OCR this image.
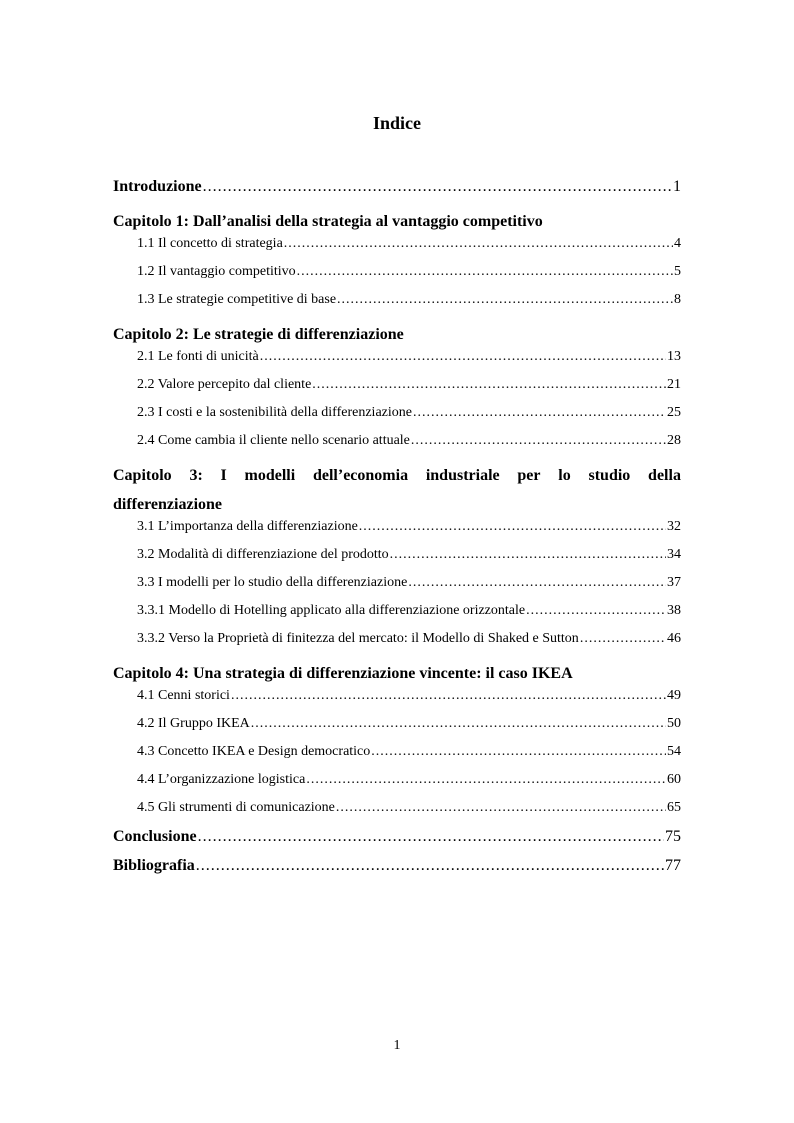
Indice
Introduzione .....	1
Capitolo 1: Dall’analisi della strategia al vantaggio competitivo
1.1 Il concetto di strategia .....	4
1.2 Il vantaggio competitivo .....	5
1.3 Le strategie competitive di base .....	8
Capitolo 2: Le strategie di differenziazione
2.1 Le fonti di unicità .....	13
2.2 Valore percepito dal cliente .....	21
2.3 I costi e la sostenibilità della differenziazione .....	25
2.4 Come cambia il cliente nello scenario attuale .....	28
Capitolo 3: I modelli dell’economia industriale per lo studio della
differenziazione
3.1 L’importanza della differenziazione .....	32
3.2 Modalità di differenziazione del prodotto .....	34
3.3 I modelli per lo studio della differenziazione .....	37
3.3.1 Modello di Hotelling applicato alla differenziazione orizzontale .....	38
3.3.2 Verso la Proprietà di finitezza del mercato: il Modello di Shaked e Sutton .....	46
Capitolo 4: Una strategia di differenziazione vincente: il caso IKEA
4.1 Cenni storici .....	49
4.2 Il Gruppo IKEA .....	50
4.3 Concetto IKEA e Design democratico .....	54
4.4 L’organizzazione logistica .....	60
4.5 Gli strumenti di comunicazione .....	65
Conclusione .....	75
Bibliografia .....	77
1
